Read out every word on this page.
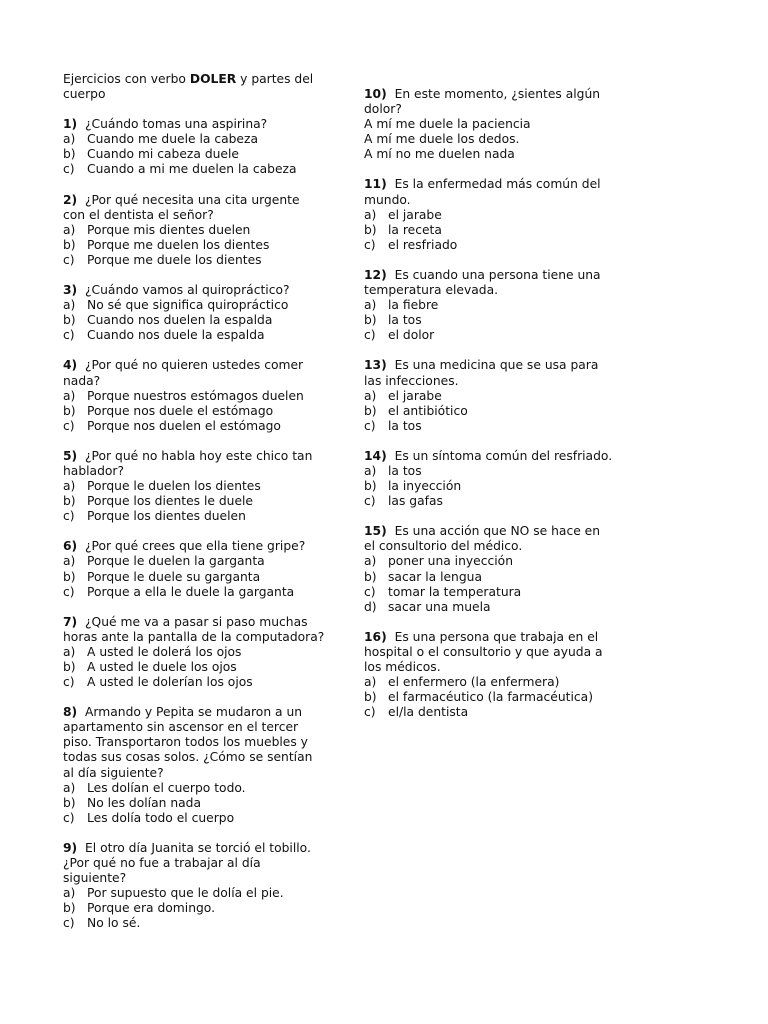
Ejercicios con verbo DOLER y partes del cuerpo
1) ¿Cuándo tomas una aspirina?
a) Cuando me duele la cabeza
b) Cuando mi cabeza duele
c)	Cuando a mi me duelen la cabeza
2) ¿Por qué necesita una cita urgente con el dentista el señor?
a) Porque mis dientes duelen
b) Porque me duelen los dientes
c)	Porque me duele los dientes
3) ¿Cuándo vamos al quiropráctico?
a) No sé que significa quiropráctico
b) Cuando nos duelen la espalda
c)	Cuando nos duele la espalda
4) ¿Por qué no quieren ustedes comer nada?
a) Porque nuestros estómagos duelen
b) Porque nos duele el estómago
c)	Porque nos duelen el estómago
5) ¿Por qué no habla hoy este chico tan hablador?
a) Porque le duelen los dientes
b) Porque los dientes le duele
c)	Porque los dientes duelen
6) ¿Por qué crees que ella tiene gripe?
a) Porque le duelen la garganta
b) Porque le duele su garganta
c)	Porque a ella le duele la garganta
7) ¿Qué me va a pasar si paso muchas horas ante la pantalla de la computadora?
a) A usted le dolerá los ojos
b) A usted le duele los ojos
c)	A usted le dolerían los ojos
8) Armando y Pepita se mudaron a un apartamento sin ascensor en el tercer piso. Transportaron todos los muebles y todas sus cosas solos. ¿Cómo se sentían al día siguiente?
a) Les dolían el cuerpo todo.
b) No les dolían nada
c)	Les dolía todo el cuerpo
9) El otro día Juanita se torció el tobillo. ¿Por qué no fue a trabajar al día siguiente?
a) Por supuesto que le dolía el pie.
b) Porque era domingo.
c)	No lo sé.
10) En este momento, ¿sientes algún dolor?
A mí me duele la paciencia
A mí me duele los dedos.
A mí no me duelen nada
11) Es la enfermedad más común del mundo.
a) el jarabe
b) la receta
c)	el resfriado
12) Es cuando una persona tiene una temperatura elevada.
a) la fiebre
b) la tos
c)	el dolor
13) Es una medicina que se usa para las infecciones.
a) el jarabe
b) el antibiótico
c)	la tos
14) Es un síntoma común del resfriado.
a) la tos
b) la inyección
c)	las gafas
15) Es una acción que NO se hace en el consultorio del médico.
a) poner una inyección
b) sacar la lengua
c)	tomar la temperatura
d) sacar una muela
16) Es una persona que trabaja en el hospital o el consultorio y que ayuda a los médicos.
a) el enfermero (la enfermera)
b) el farmacéutico (la farmacéutica)
c)	el/la dentista
